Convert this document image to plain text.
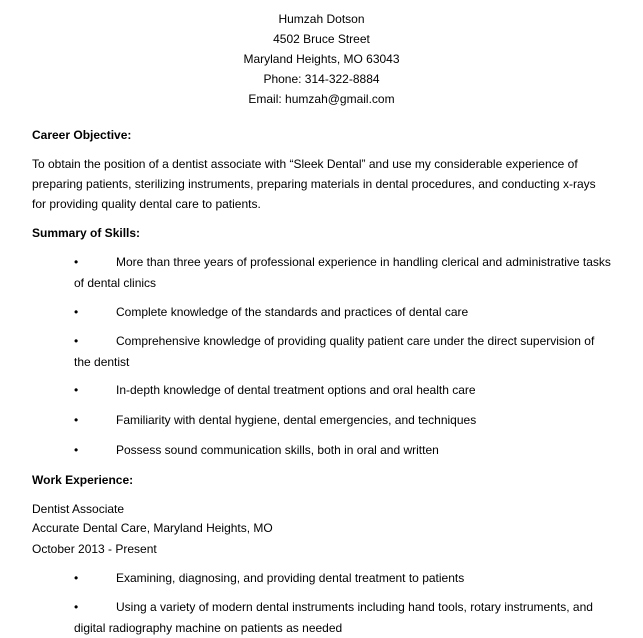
Humzah Dotson
4502 Bruce Street
Maryland Heights, MO 63043
Phone: 314-322-8884
Email: humzah@gmail.com
Career Objective:
To obtain the position of a dentist associate with “Sleek Dental” and use my considerable experience of preparing patients, sterilizing instruments, preparing materials in dental procedures, and conducting x-rays for providing quality dental care to patients.
Summary of Skills:
•	More than three years of professional experience in handling clerical and administrative tasks of dental clinics
•	Complete knowledge of the standards and practices of dental care
•	Comprehensive knowledge of providing quality patient care under the direct supervision of the dentist
•	In-depth knowledge of dental treatment options and oral health care
•	Familiarity with dental hygiene, dental emergencies, and techniques
•	Possess sound communication skills, both in oral and written
Work Experience:
Dentist Associate
Accurate Dental Care, Maryland Heights, MO
October 2013 - Present
•	Examining, diagnosing, and providing dental treatment to patients
•	Using a variety of modern dental instruments including hand tools, rotary instruments, and digital radiography machine on patients as needed
